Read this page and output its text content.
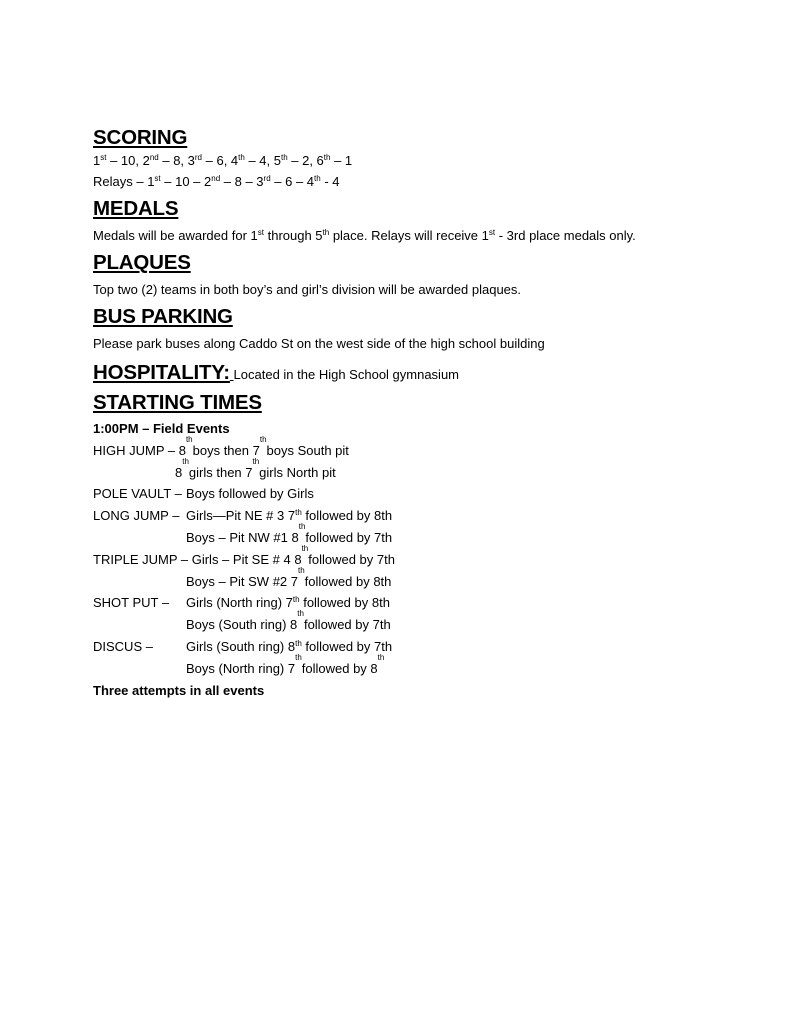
SCORING
1st – 10, 2nd – 8, 3rd – 6, 4th – 4, 5th – 2, 6th – 1
Relays – 1st – 10 – 2nd – 8 – 3rd – 6 – 4th - 4
MEDALS
Medals will be awarded for 1st through 5th place. Relays will receive 1st - 3rd place medals only.
PLAQUES
Top two (2) teams in both boy’s and girl’s division will be awarded plaques.
BUS PARKING
Please park buses along Caddo St on the west side of the high school building
HOSPITALITY: Located in the High School gymnasium
STARTING TIMES
1:00PM – Field Events
HIGH JUMP – 8
th
boys then 7
th
boys South pit
8
th
girls then 7
th
girls North pit
POLE VAULT – Boys followed by Girls
LONG JUMP – Girls—Pit NE # 3 7th followed by 8th
Boys – Pit NW #1 8
th
followed by 7th
TRIPLE JUMP – Girls – Pit SE # 4 8
th
followed by 7th
Boys – Pit SW #2 7
th
followed by 8th
SHOT PUT –	Girls (North ring) 7th followed by 8th
Boys (South ring) 8
th
followed by 7th
DISCUS –	Girls (South ring) 8th followed by 7th
Boys (North ring) 7
th
followed by 8
th
Three attempts in all events
